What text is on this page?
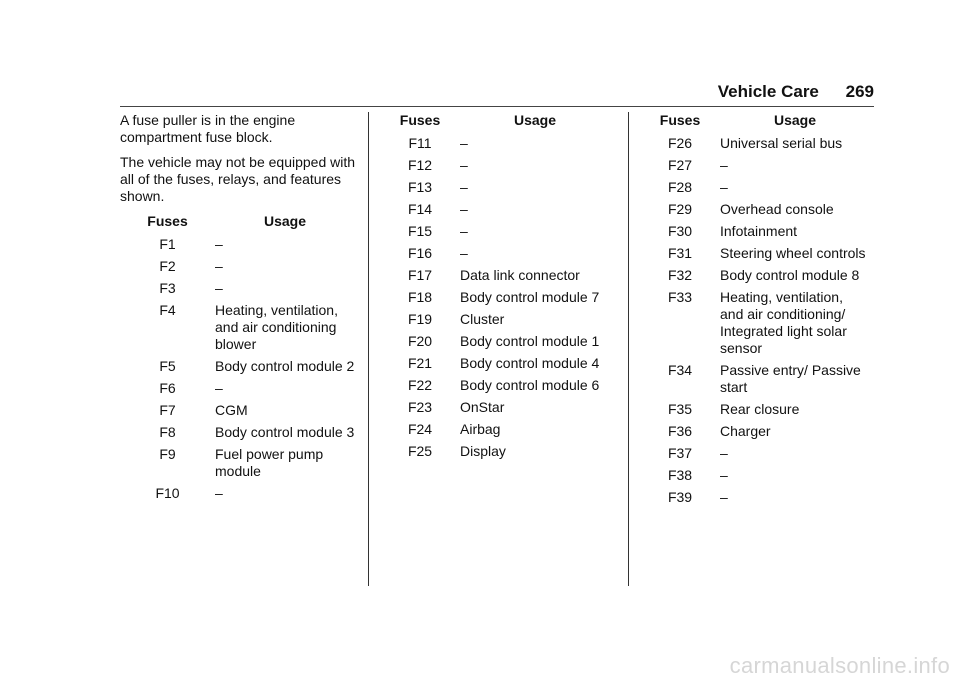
Vehicle Care 269

A fuse puller is in the engine compartment fuse block.

The vehicle may not be equipped with all of the fuses, relays, and features shown.

Fuses	Usage
F1	–
F2	–
F3	–
F4	Heating, ventilation, and air conditioning blower
F5	Body control module 2
F6	–
F7	CGM
F8	Body control module 3
F9	Fuel power pump module
F10	–
Fuses	Usage
F11	–
F12	–
F13	–
F14	–
F15	–
F16	–
F17	Data link connector
F18	Body control module 7
F19	Cluster
F20	Body control module 1
F21	Body control module 4
F22	Body control module 6
F23	OnStar
F24	Airbag
F25	Display
Fuses	Usage
F26	Universal serial bus
F27	–
F28	–
F29	Overhead console
F30	Infotainment
F31	Steering wheel controls
F32	Body control module 8
F33	Heating, ventilation, and air conditioning/ Integrated light solar sensor
F34	Passive entry/ Passive start
F35	Rear closure
F36	Charger
F37	–
F38	–
F39	–
carmanualsonline.info
